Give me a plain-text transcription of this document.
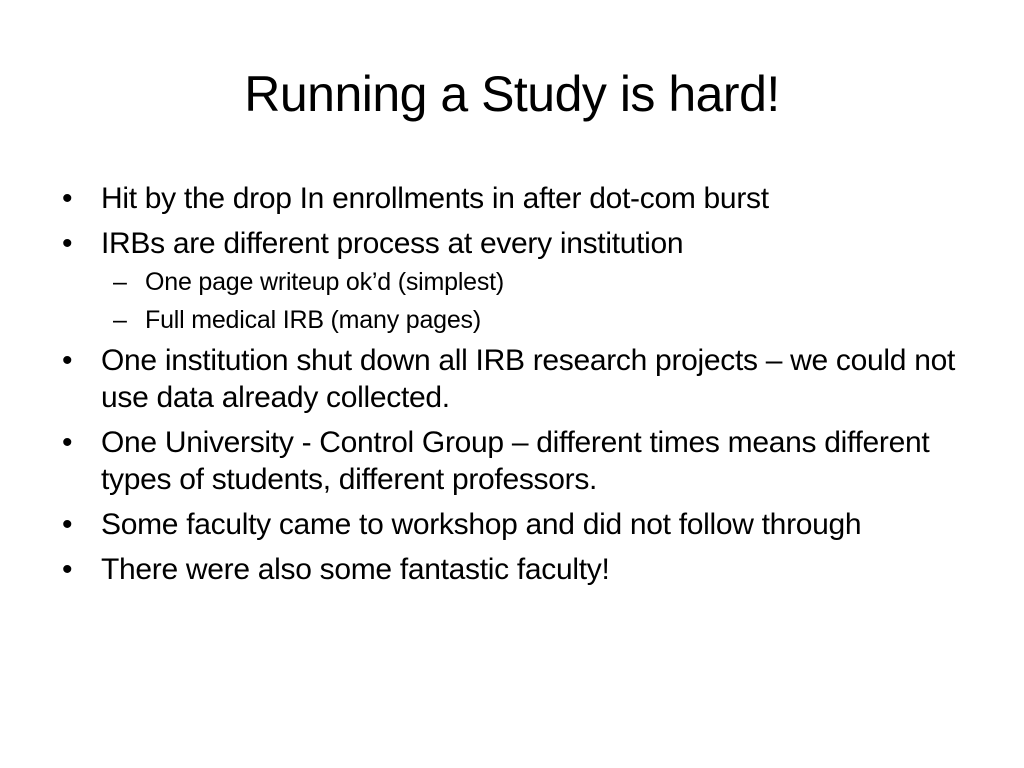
Running a Study is hard!
• Hit by the drop In enrollments in after dot-com burst
• IRBs are different process at every institution
– One page writeup ok’d (simplest)
– Full medical IRB (many pages)
• One institution shut down all IRB research projects – we could not use data already collected.
• One University - Control Group – different times means different types of students, different professors.
• Some faculty came to workshop and did not follow through
• There were also some fantastic faculty!
